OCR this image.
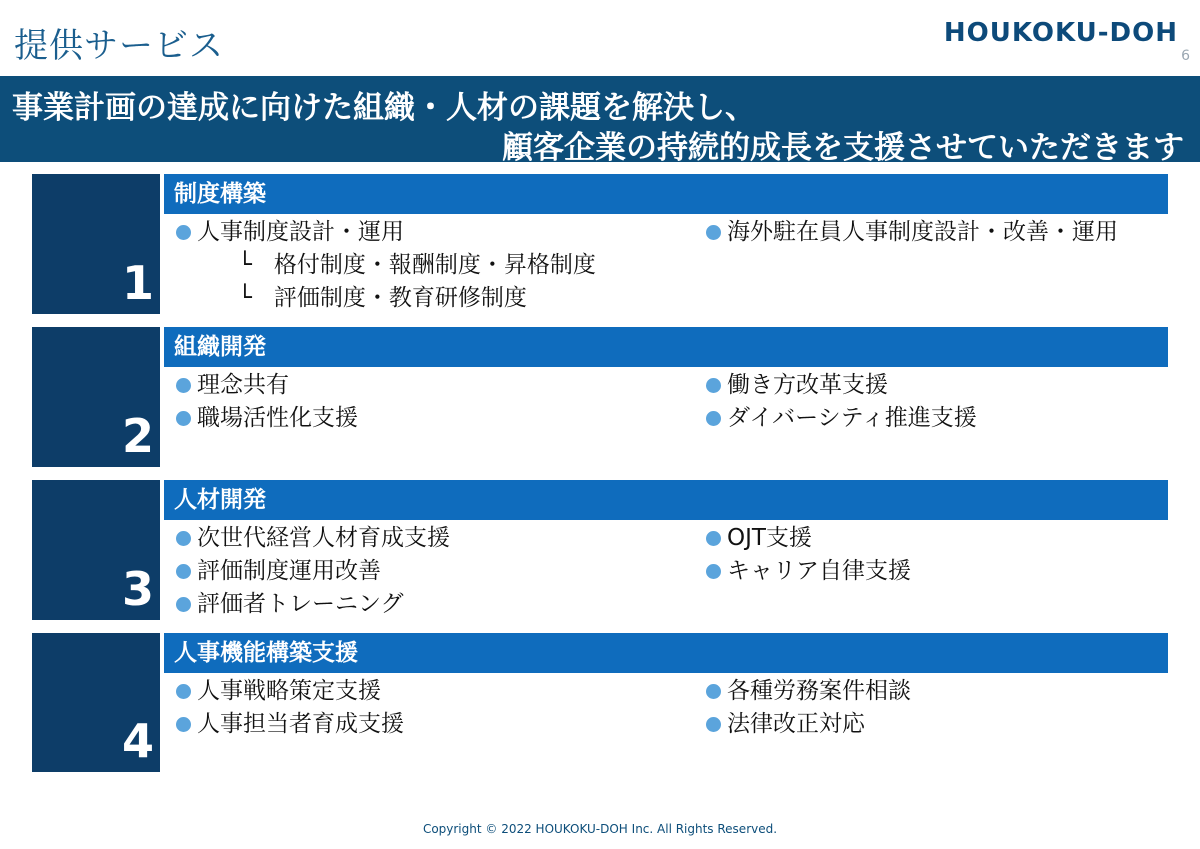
提供サービス	HOUKOKU-DOH
6
事業計画の達成に向けた組織・人材の課題を解決し、
顧客企業の持続的成長を支援させていただきます
1
制度構築
人事制度設計・運用
└ 格付制度・報酬制度・昇格制度
└ 評価制度・教育研修制度
海外駐在員人事制度設計・改善・運用
2
組織開発
理念共有
職場活性化支援
働き方改革支援
ダイバーシティ推進支援
3
人材開発
次世代経営人材育成支援
評価制度運用改善
評価者トレーニング
OJT支援
キャリア自律支援
4
人事機能構築支援
人事戦略策定支援
人事担当者育成支援
各種労務案件相談
法律改正対応
Copyright © 2022 HOUKOKU-DOH Inc. All Rights Reserved.
